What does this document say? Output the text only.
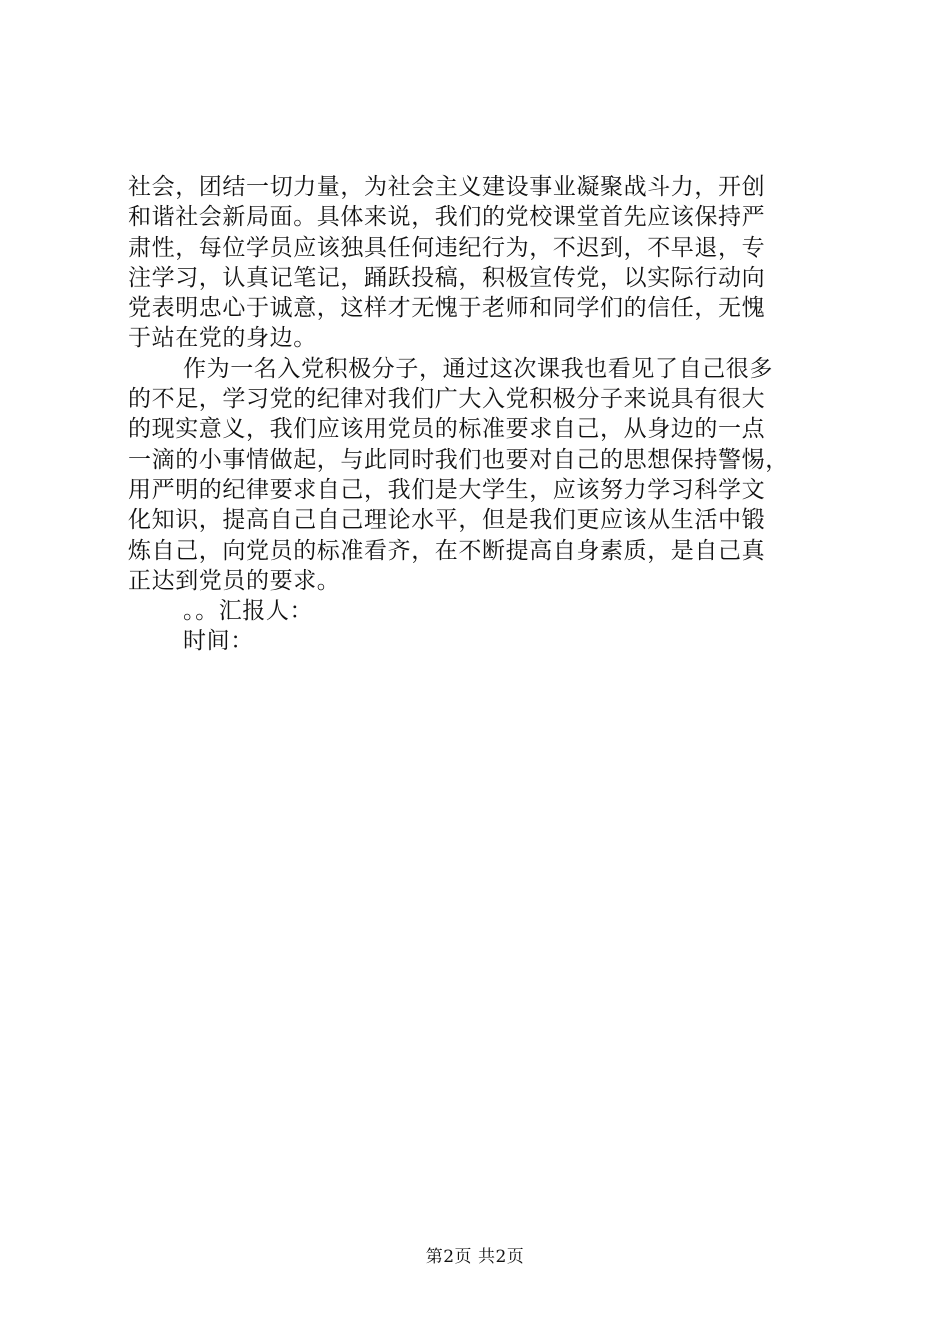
社会，团结一切力量，为社会主义建设事业凝聚战斗力，开创
和谐社会新局面。具体来说，我们的党校课堂首先应该保持严
肃性，每位学员应该独具任何违纪行为，不迟到，不早退，专
注学习，认真记笔记，踊跃投稿，积极宣传党，以实际行动向
党表明忠心于诚意，这样才无愧于老师和同学们的信任，无愧
于站在党的身边。
作为一名入党积极分子，通过这次课我也看见了自己很多
的不足，学习党的纪律对我们广大入党积极分子来说具有很大
的现实意义，我们应该用党员的标准要求自己，从身边的一点
一滴的小事情做起，与此同时我们也要对自己的思想保持警惕，
用严明的纪律要求自己，我们是大学生，应该努力学习科学文
化知识，提高自己自己理论水平，但是我们更应该从生活中锻
炼自己，向党员的标准看齐，在不断提高自身素质，是自己真
正达到党员的要求。
。。汇报人：
时间：
第2页 共2页
